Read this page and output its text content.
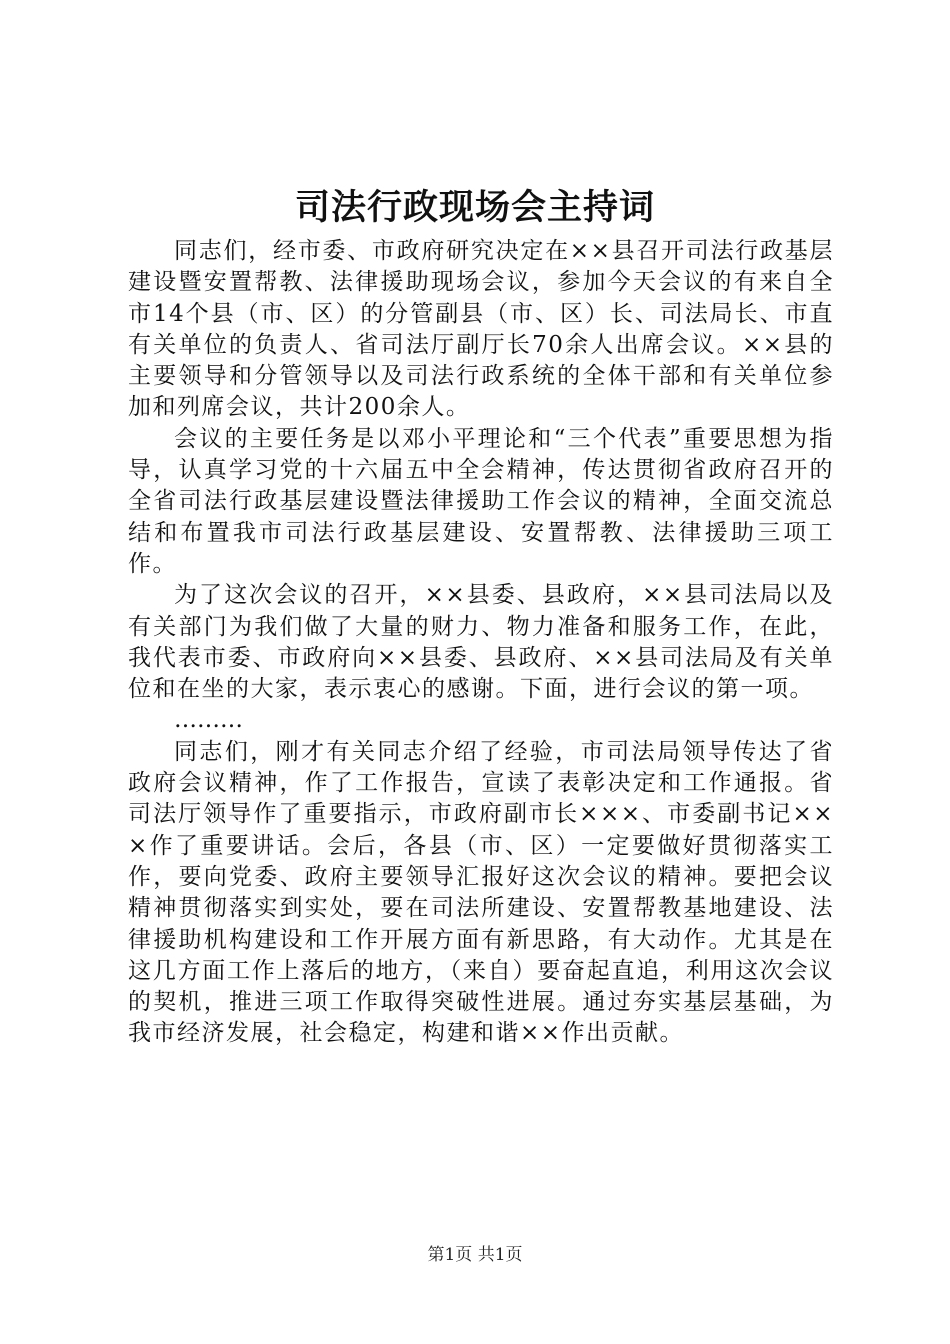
司法行政现场会主持词

同志们，经市委、市政府研究决定在××县召开司法行政基层建设暨安置帮教、法律援助现场会议，参加今天会议的有来自全市14个县（市、区）的分管副县（市、区）长、司法局长、市直有关单位的负责人、省司法厅副厅长70余人出席会议。××县的主要领导和分管领导以及司法行政系统的全体干部和有关单位参加和列席会议，共计200余人。

会议的主要任务是以邓小平理论和“三个代表”重要思想为指导，认真学习党的十六届五中全会精神，传达贯彻省政府召开的全省司法行政基层建设暨法律援助工作会议的精神，全面交流总结和布置我市司法行政基层建设、安置帮教、法律援助三项工作。

为了这次会议的召开，××县委、县政府，××县司法局以及有关部门为我们做了大量的财力、物力准备和服务工作，在此，我代表市委、市政府向××县委、县政府、××县司法局及有关单位和在坐的大家，表示衷心的感谢。下面，进行会议的第一项。

………

同志们，刚才有关同志介绍了经验，市司法局领导传达了省政府会议精神，作了工作报告，宣读了表彰决定和工作通报。省司法厅领导作了重要指示，市政府副市长×××、市委副书记×××作了重要讲话。会后，各县（市、区）一定要做好贯彻落实工作，要向党委、政府主要领导汇报好这次会议的精神。要把会议精神贯彻落实到实处，要在司法所建设、安置帮教基地建设、法律援助机构建设和工作开展方面有新思路，有大动作。尤其是在这几方面工作上落后的地方，（来自）要奋起直追，利用这次会议的契机，推进三项工作取得突破性进展。通过夯实基层基础，为我市经济发展，社会稳定，构建和谐××作出贡献。

第1页 共1页
